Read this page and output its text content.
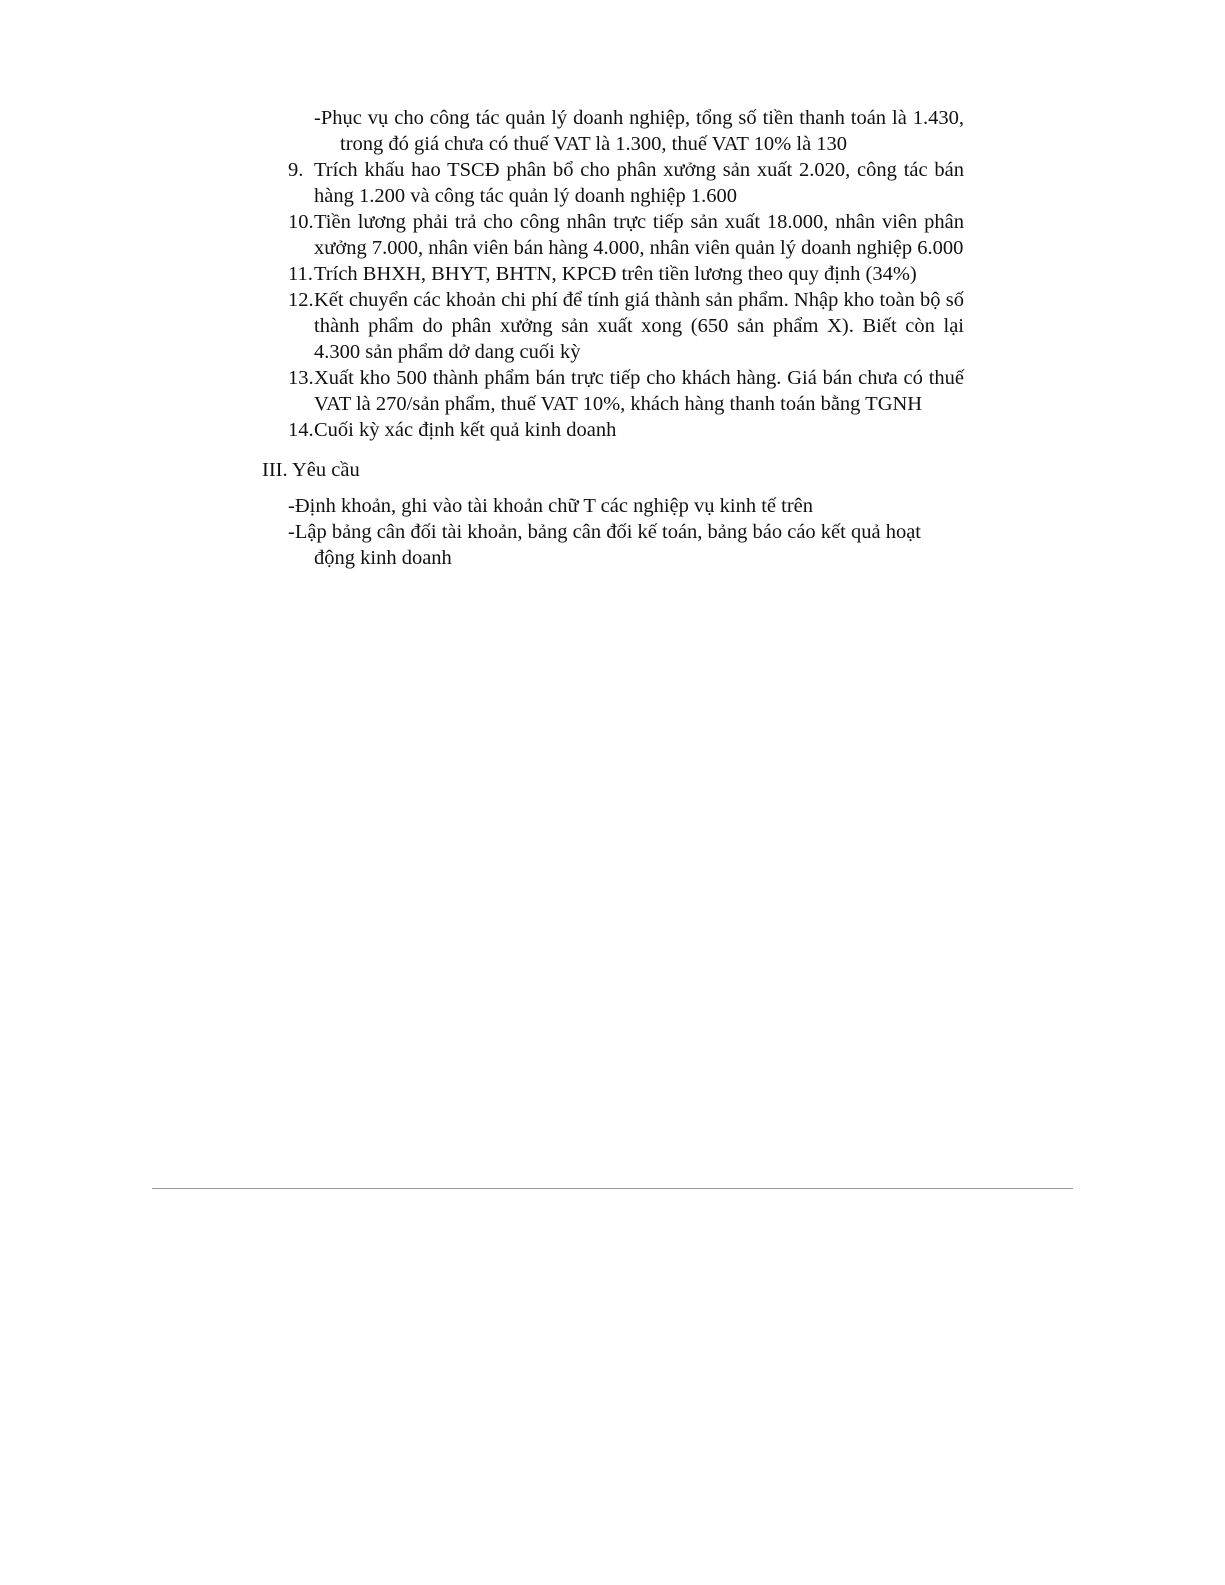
-Phục vụ cho công tác quản lý doanh nghiệp, tổng số tiền thanh toán là 1.430, trong đó giá chưa có thuế VAT là 1.300, thuế VAT 10% là 130
9. Trích khấu hao TSCĐ phân bổ cho phân xưởng sản xuất 2.020, công tác bán hàng 1.200 và công tác quản lý doanh nghiệp 1.600
10. Tiền lương phải trả cho công nhân trực tiếp sản xuất 18.000, nhân viên phân xưởng 7.000, nhân viên bán hàng 4.000, nhân viên quản lý doanh nghiệp 6.000
11. Trích BHXH, BHYT, BHTN, KPCĐ trên tiền lương theo quy định (34%)
12. Kết chuyển các khoản chi phí để tính giá thành sản phẩm. Nhập kho toàn bộ số thành phẩm do phân xưởng sản xuất xong (650 sản phẩm X). Biết còn lại 4.300 sản phẩm dở dang cuối kỳ
13. Xuất kho 500 thành phẩm bán trực tiếp cho khách hàng. Giá bán chưa có thuế VAT là 270/sản phẩm, thuế VAT 10%, khách hàng thanh toán bằng TGNH
14. Cuối kỳ xác định kết quả kinh doanh
III. Yêu cầu
-Định khoản, ghi vào tài khoản chữ T các nghiệp vụ kinh tế trên
-Lập bảng cân đối tài khoản, bảng cân đối kế toán, bảng báo cáo kết quả hoạt động kinh doanh
